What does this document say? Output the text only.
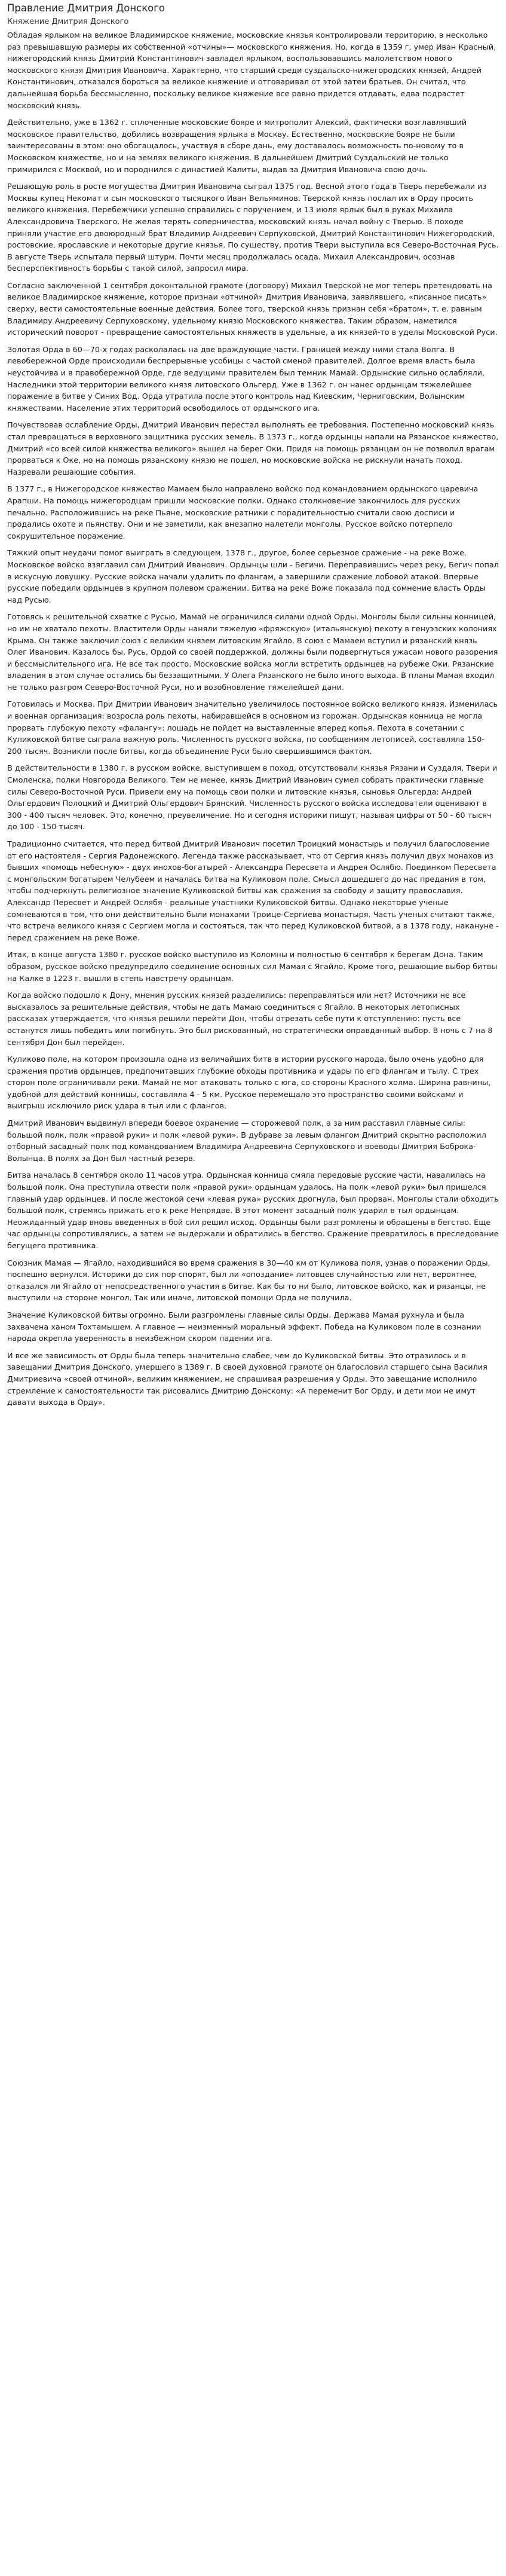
Правление Дмитрия Донского
Княжение Дмитрия Донского

Обладая ярлыком на великое Владимирское княжение, московские князья контролировали территорию, в несколько раз превышавшую размеры их собственной «отчины»— московского княжения. Но, когда в 1359 г, умер Иван Красный, нижегородский князь Дмитрий Константинович завладел ярлыком, воспользовавшись малолетством нового московского князя Дмитрия Ивановича. Характерно, что старший среди суздальско-нижегородских князей, Андрей Константинович, отказался бороться за великое княжение и отговаривал от этой затеи братьев. Он считал, что дальнейшая борьба бессмысленно, поскольку великое княжение все равно придется отдавать, едва подрастет московский князь.

Действительно, уже в 1362 г. сплоченные московские бояре и митрополит Алексий, фактически возглавлявший московское правительство, добились возвращения ярлыка в Москву. Естественно, московские бояре не были заинтересованы в этом: оно обогащалось, участвуя в сборе дань, ему доставалось возможность по-новому то в Московском княжестве, но и на землях великого княжения. В дальнейшем Дмитрий Суздальский не только примирился с Москвой, но и породнился с династией Калиты, выдав за Дмитрия Ивановича свою дочь.

Решающую роль в росте могущества Дмитрия Ивановича сыграл 1375 год. Весной этого года в Тверь перебежали из Москвы купец Некомат и сын московского тысяцкого Иван Вельяминов. Тверской князь послал их в Орду просить великого княжения. Перебежчики успешно справились с поручением, и 13 июля ярлык был в руках Михаила Александровича Тверского. Не желая терять соперничества, московский князь начал войну с Тверью. В походе приняли участие его двоюродный брат Владимир Андреевич Серпуховской, Дмитрий Константинович Нижегородский, ростовские, ярославские и некоторые другие князья. По существу, против Твери выступила вся Северо-Восточная Русь. В августе Тверь испытала первый штурм. Почти месяц продолжалась осада. Михаил Александрович, осознав бесперспективность борьбы с такой силой, запросил мира.

Согласно заключенной 1 сентября доконтальной грамоте (договору) Михаил Тверской не мог теперь претендовать на великое Владимирское княжение, которое признаи «отчиной» Дмитрия Ивановича, заявлявшего, «писанное писать» сверху, вести самостоятельные военные действия. Более того, тверской князь признан себя «братом», т. е. равным Владимиру Андреевичу Серпуховскому, удельному князю Московского княжества. Таким образом, наметился исторический поворот - превращение самостоятельных княжеств в удельные, а их князей-то в уделы Московской Руси.

Золотая Орда в 60—70-х годах расколалась на две враждующие части. Границей между ними стала Волга. В левобережной Орде происходили беспрерывные усобицы с частой сменой правителей. Долгое время власть была неустойчива и в правобережной Орде, где ведущими правителем был темник Мамай. Ордынские сильно ослабляли, Наследники этой территории великого князя литовского Ольгерд. Уже в 1362 г. он нанес ордынцам тяжелейшее поражение в битве у Синих Вод. Орда утратила после этого контроль над Киевским, Черниговским, Волынским княжествами. Население этих территорий освободилось от ордынского ига.

Почувствовав ослабление Орды, Дмитрий Иванович перестал выполнять ее требования. Постепенно московский князь стал превращаться в верховного защитника русских земель. В 1373 г., когда ордынцы напали на Рязанское княжество, Дмитрий «со всей силой княжества великого» вышел на берег Оки. Придя на помощь рязанцам он не позволил врагам прорваться к Оке, но на помощь рязанскому князю не пошел, но московские войска не рискнули начать поход. Назревали решающие события.

В 1377 г., в Нижегородское княжество Мамаем было направлено войско под командованием ордынского царевича Арапши. На помощь нижегородцам пришли московские полки. Однако столкновение закончилось для русских печально. Расположившись на реке Пьяне, московские ратники с порадительностью считали свою досписи и продались охоте и пьянству. Они и не заметили, как внезапно налетели монголы. Русское войско потерпело сокрушительное поражение.

Тяжкий опыт неудачи помог выиграть в следующем, 1378 г., другое, более серьезное сражение - на реке Воже. Московское войско взяглавил сам Дмитрий Иванович. Ордынцы шли - Бегичи. Переправившись через реку, Бегич попал в искусную ловушку. Русские войска начали удалить по флангам, а завершили сражение лобовой атакой. Впервые русские победили ордынцев в крупном полевом сражении. Битва на реке Воже показала под сомнение власть Орды над Русью.

Готовясь к решительной схватке с Русью, Мамай не ограничился силами одной Орды. Монголы были сильны конницей, но им не хватало пехоты. Властители Орды наняли тяжелую «фряжскую» (итальянскую) пехоту в генуэзских колониях Крыма. Он также заключил союз с великим князем литовским Ягайло. В союз с Мамаем вступил и рязанский князь Олег Иванович. Казалось бы, Русь, Ордой со своей поддержкой, должны были подвергнуться ужасам нового разорения и бессмыслительного ига. Не все так просто. Московские войска могли встретить ордынцев на рубеже Оки. Рязанские владения в этом случае остались бы беззащитными. У Олега Рязанского не было иного выхода. В планы Мамая входил не только разгром Северо-Восточной Руси, но и возобновление тяжелейшей дани.

Готовилась и Москва. При Дмитрии Иванович значительно увеличилось постоянное войско великого князя. Изменилась и военная организация: возросла роль пехоты, набиравшейся в основном из горожан. Ордынская конница не могла прорвать глубокую пехоту «фалангу»: лошадь не пойдет на выставленные вперед копья. Пехота в сочетании с Куликовской битве сыграла важную роль. Численность русского войска, по сообщениям летописей, составляла 150-200 тысяч. Возникли после битвы, когда объединение Руси было свершившимся фактом.

В действительности в 1380 г. в русском войске, выступившем в поход, отсутствовали князья Рязани и Суздаля, Твери и Смоленска, полки Новгорода Великого. Тем не менее, князь Дмитрий Иванович сумел собрать практически главные силы Северо-Восточной Руси. Привели ему на помощь свои полки и литовские князья, сыновья Ольгерда: Андрей Ольгердович Полоцкий и Дмитрий Ольгердович Брянский. Численность русского войска исследователи оценивают в 300 - 400 тысяч человек. Это, конечно, преувеличение. Но и сегодня историки пишут, называя цифры от 50 - 60 тысяч до 100 - 150 тысяч.

Традиционно считается, что перед битвой Дмитрий Иванович посетил Троицкий монастырь и получил благословение от его настоятеля - Сергия Радонежского. Легенда также рассказывает, что от Сергия князь получил двух монахов из бывших «помощь небесную» - двух инохов-богатырей - Александра Пересвета и Андрея Ослябю. Поединком Пересвета с монгольским богатырем Челубеем и началась битва на Куликовом поле. Смысл дошедшего до нас предания в том, чтобы подчеркнуть религиозное значение Куликовской битвы как сражения за свободу и защиту православия. Александр Пересвет и Андрей Ослябя - реальные участники Куликовской битвы. Однако некоторые ученые сомневаются в том, что они действительно были монахами Троице-Сергиева монастыря. Часть ученых считают также, что встреча великого князя с Сергием могла и состояться, так что перед Куликовской битвой, а в 1378 году, накануне - перед сражением на реке Воже.

Итак, в конце августа 1380 г. русское войско выступило из Коломны и полностью 6 сентября к берегам Дона. Таким образом, русское войско предупредило соединение основных сил Мамая с Ягайло. Кроме того, решающие выбор битвы на Калке в 1223 г. вышли в степь навстречу ордынцам.

Когда войско подошло к Дону, мнения русских князей разделились: переправляться или нет? Источники не все высказалось за решительные действия, чтобы не дать Мамаю соединиться с Ягайло. В некоторых летописных рассказах утверждается, что князья решили перейти Дон, чтобы отрезать себе пути к отступлению: пусть все останутся лишь победить или погибнуть. Это был рискованный, но стратегически оправданный выбор. В ночь с 7 на 8 сентября Дон был перейден.

Куликово поле, на котором произошла одна из величайших битв в истории русского народа, было очень удобно для сражения против ордынцев, предпочитавших глубокие обходы противника и удары по его флангам и тылу. С трех сторон поле ограничивали реки. Мамай не мог атаковать только с юга, со стороны Красного холма. Ширина равнины, удобной для действий конницы, составляла 4 - 5 км. Русское перемещало это пространство своими войсками и выигрыш исключило риск удара в тыл или с флангов.

Дмитрий Иванович выдвинул впереди боевое охранение — сторожевой полк, а за ним расставил главные силы: большой полк, полк «правой руки» и полк «левой руки». В дубраве за левым флангом Дмитрий скрытно расположил отборный засадный полк под командованием Владимира Андреевича Серпуховского и воеводы Дмитрия Боброка-Волынца. В полях за Дон был частный резерв.

Битва началась 8 сентября около 11 часов утра. Ордынская конница смяла передовые русские части, навалилась на большой полк. Она преступила отвести полк «правой руки» ордынцам удалось. На полк «левой руки» был пришелся главный удар ордынцев. И после жестокой сечи «левая рука» русских дрогнула, был прорван. Монголы стали обходить большой полк, стремясь прижать его к реке Непрядве. В этот момент засадный полк ударил в тыл ордынцам. Неожиданный удар вновь введенных в бой сил решил исход. Ордынцы были разгромлены и обращены в бегство. Еще час ордынцы сопротивлялись, а затем не выдержали и обратились в бегство. Сражение превратилось в преследование бегущего противника.

Союзник Мамая — Ягайло, находившийся во время сражения в 30—40 км от Куликова поля, узнав о поражении Орды, поспешно вернулся. Историки до сих пор спорят, был ли «опоздание» литовцев случайностью или нет, вероятнее, отказался ли Ягайло от непосредственного участия в битве. Как бы то ни было, литовское войско, как и рязанцы, не выступили на стороне монгол. Так или иначе, литовской помощи Орда не получила.

Значение Куликовской битвы огромно. Были разгромлены главные силы Орды. Держава Мамая рухнула и была захвачена ханом Тохтамышем. А главное — неизменный моральный эффект. Победа на Куликовом поле в сознании народа окрепла уверенность в неизбежном скором падении ига.

И все же зависимость от Орды была теперь значительно слабее, чем до Куликовской битвы. Это отразилось и в завещании Дмитрия Донского, умершего в 1389 г. В своей духовной грамоте он благословил старшего сына Василия Дмитриевича «своей отчиной», великим княжением, не спрашивая разрешения у Орды. Это завещание исполнило стремление к самостоятельности так рисовались Дмитрию Донскому: «А переменит Бог Орду, и дети мои не имут давати выхода в Орду».
